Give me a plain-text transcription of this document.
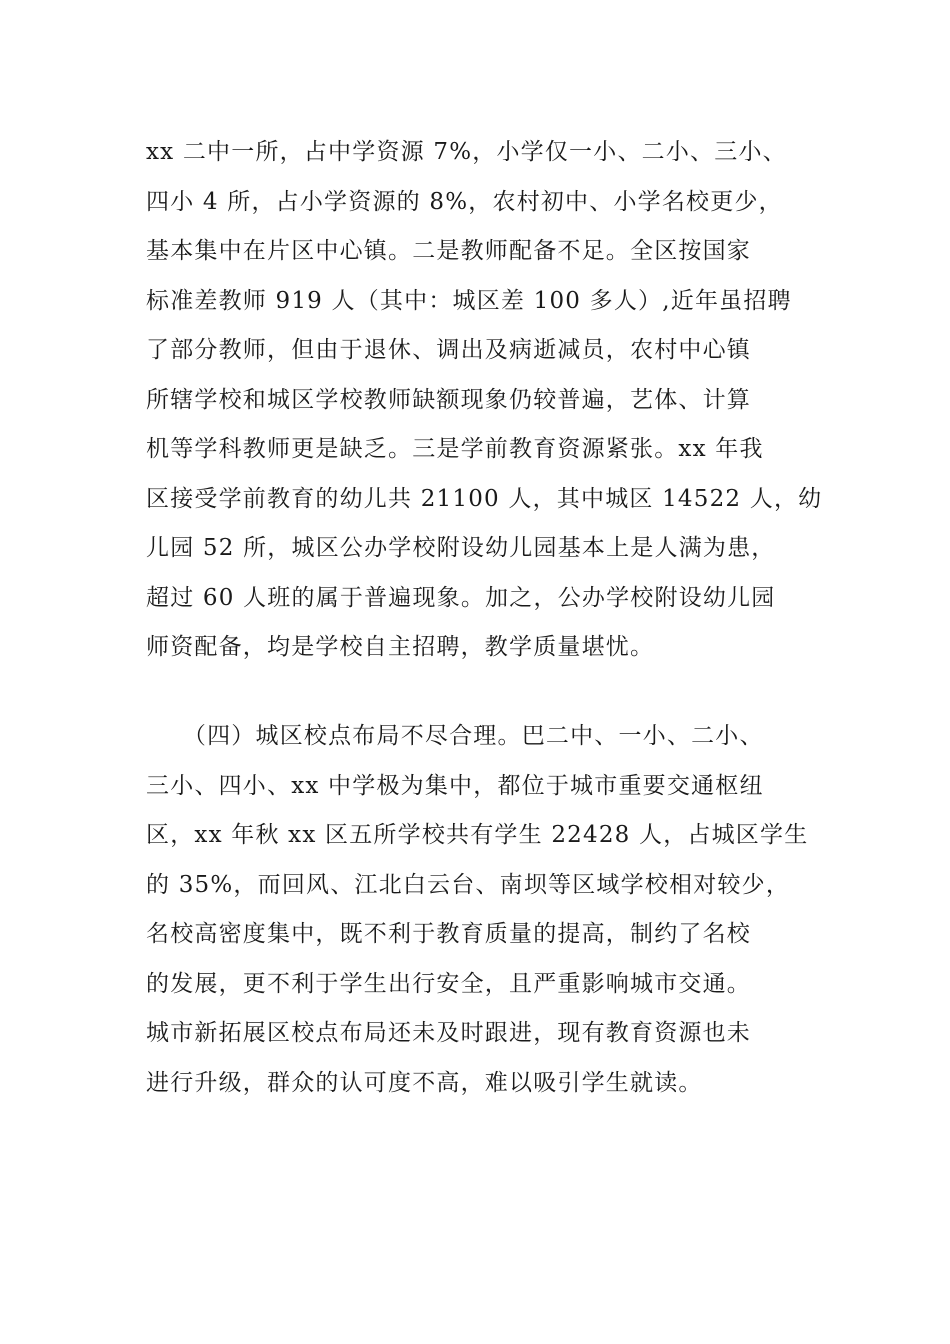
xx 二中一所，占中学资源 7%，小学仅一小、二小、三小、
四小 4 所，占小学资源的 8%，农村初中、小学名校更少，
基本集中在片区中心镇。二是教师配备不足。全区按国家
标准差教师 919 人（其中：城区差 100 多人）,近年虽招聘
了部分教师，但由于退休、调出及病逝减员，农村中心镇
所辖学校和城区学校教师缺额现象仍较普遍，艺体、计算
机等学科教师更是缺乏。三是学前教育资源紧张。xx 年我
区接受学前教育的幼儿共 21100 人，其中城区 14522 人，幼
儿园 52 所，城区公办学校附设幼儿园基本上是人满为患，
超过 60 人班的属于普遍现象。加之，公办学校附设幼儿园
师资配备，均是学校自主招聘，教学质量堪忧。
　　（四）城区校点布局不尽合理。巴二中、一小、二小、
三小、四小、xx 中学极为集中，都位于城市重要交通枢纽
区，xx 年秋 xx 区五所学校共有学生 22428 人，占城区学生
的 35%，而回风、江北白云台、南坝等区域学校相对较少，
名校高密度集中，既不利于教育质量的提高，制约了名校
的发展，更不利于学生出行安全，且严重影响城市交通。
城市新拓展区校点布局还未及时跟进，现有教育资源也未
进行升级，群众的认可度不高，难以吸引学生就读。
